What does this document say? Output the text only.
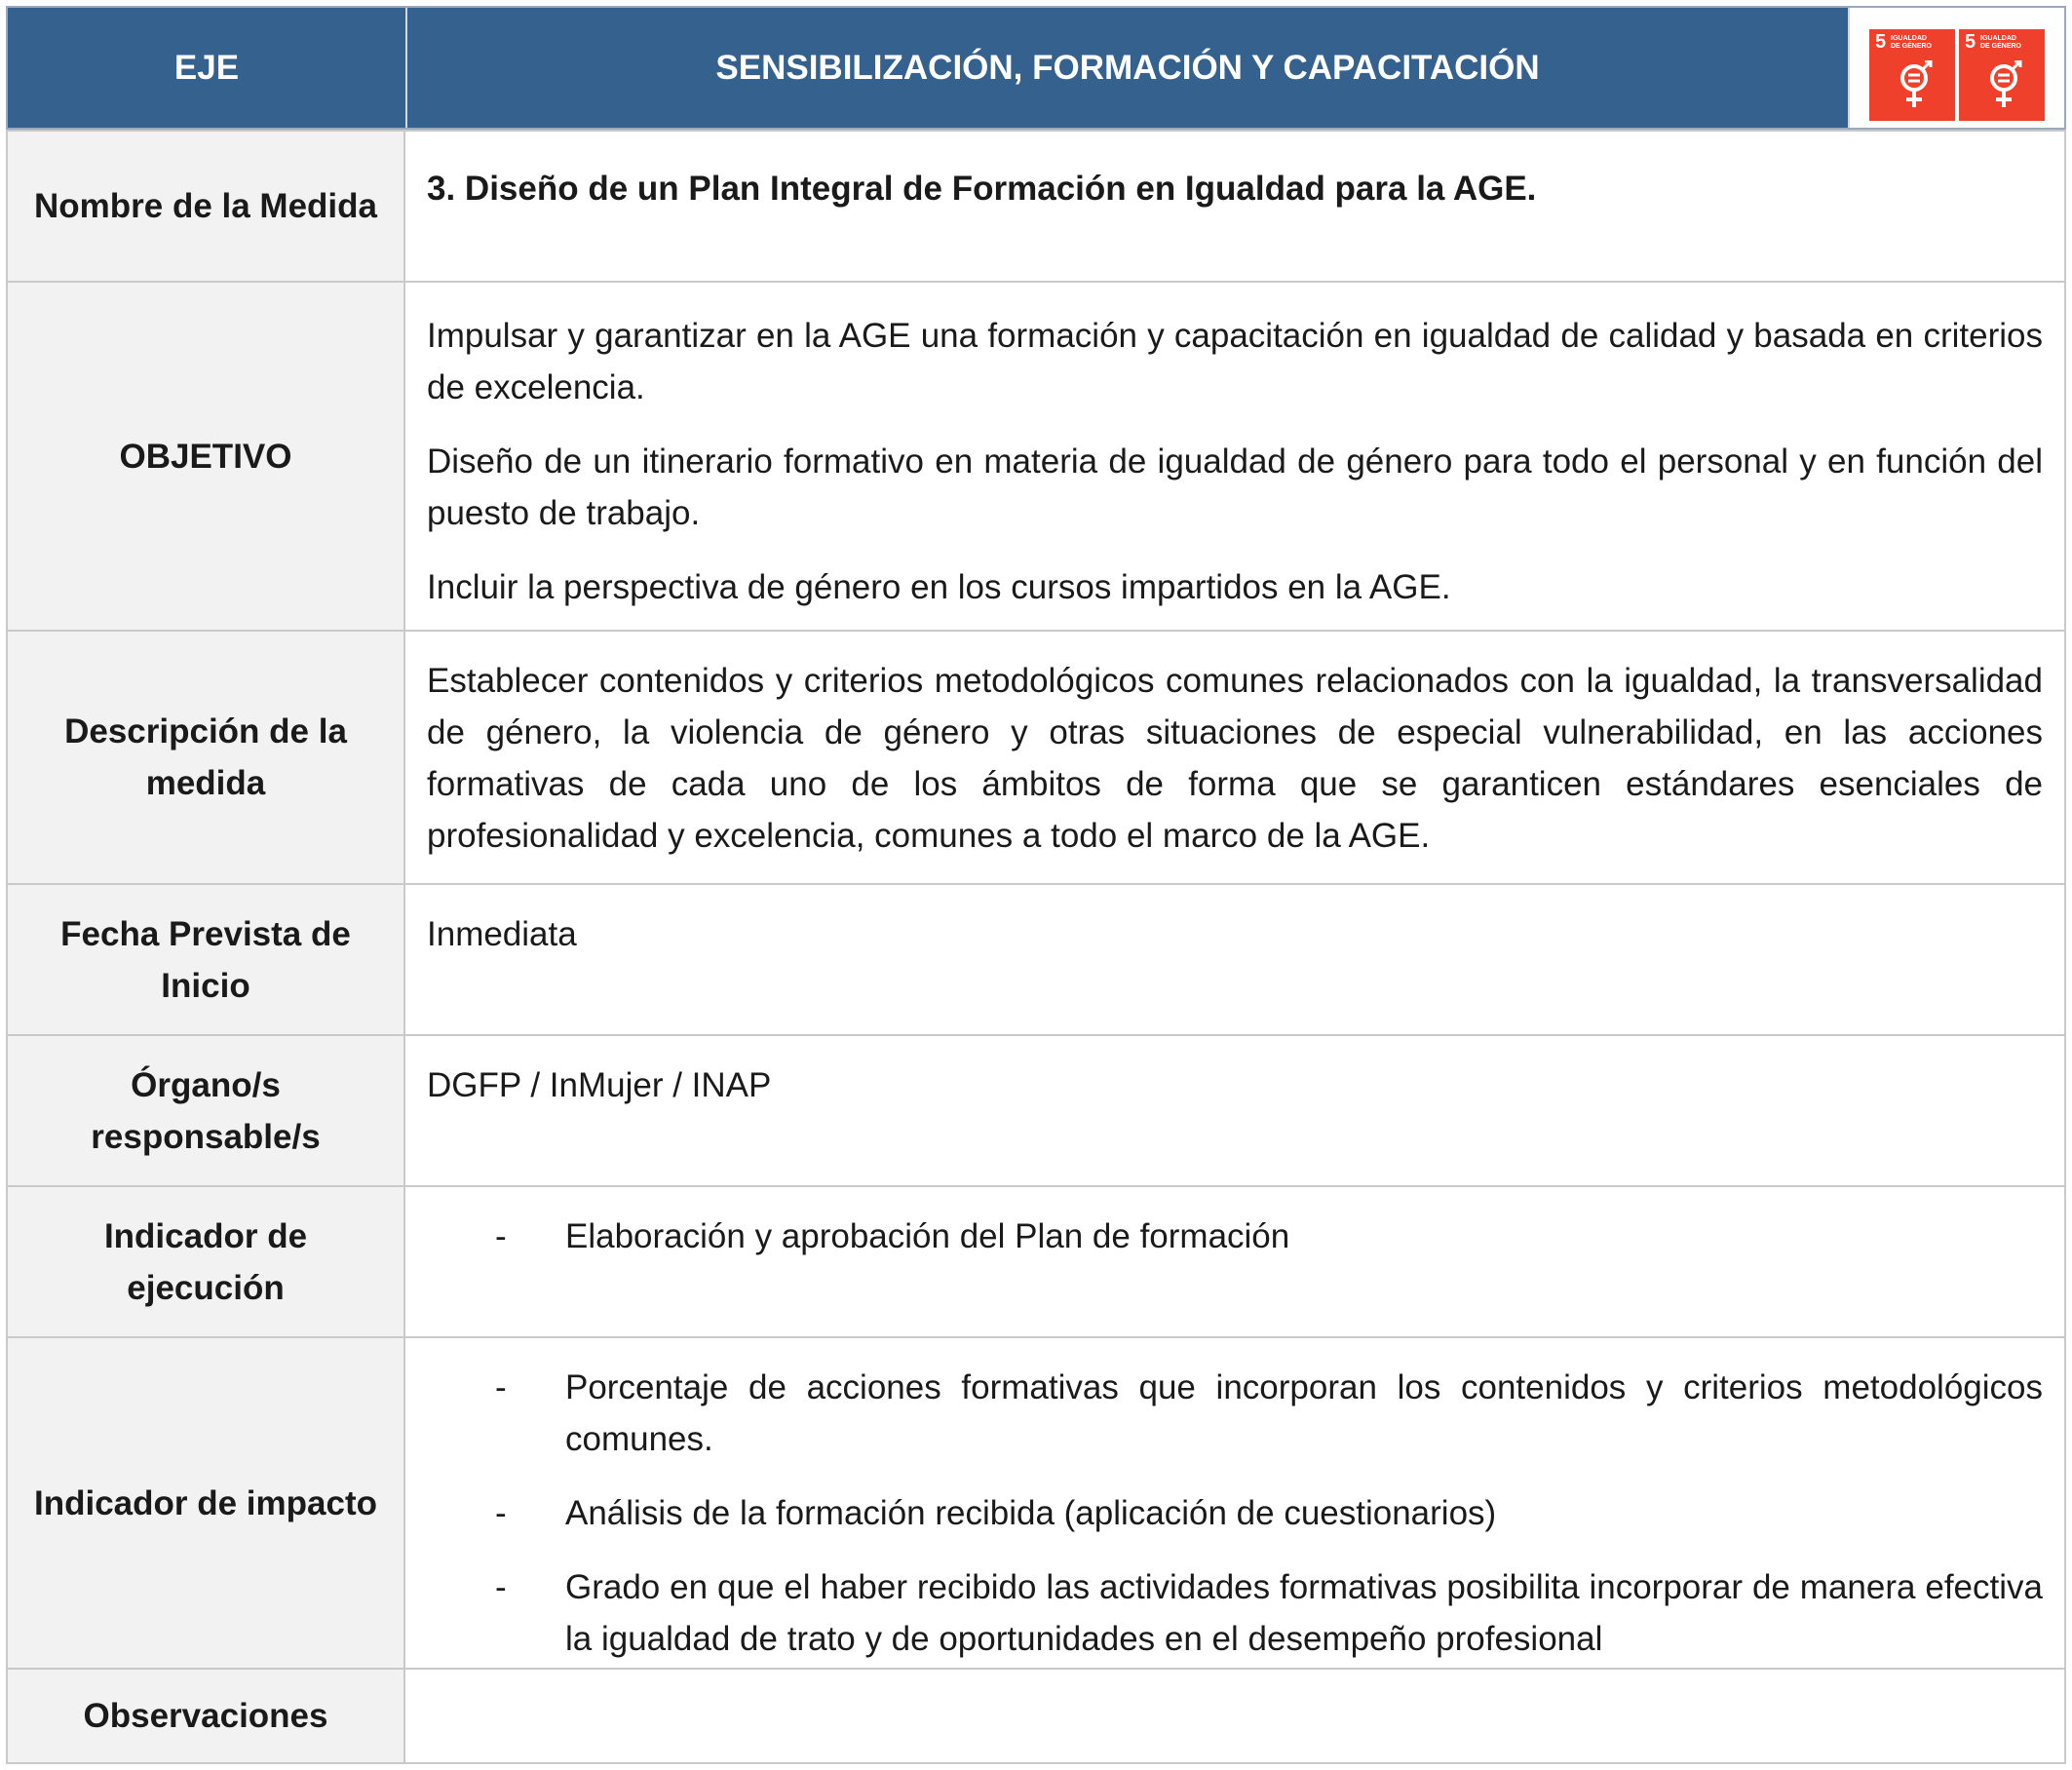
EJE	SENSIBILIZACIÓN, FORMACIÓN Y CAPACITACIÓN
5 IGUALDAD
DE GÉNERO 5 IGUALDAD
DE GÉNERO
Nombre de la Medida	3. Diseño de un Plan Integral de Formación en Igualdad para la AGE.

OBJETIVO

Impulsar y garantizar en la AGE una formación y capacitación en igualdad de calidad y basada en criterios de excelencia.

Diseño de un itinerario formativo en materia de igualdad de género para todo el personal y en función del puesto de trabajo.

Incluir la perspectiva de género en los cursos impartidos en la AGE.

Descripción de la medida

Establecer contenidos y criterios metodológicos comunes relacionados con la igualdad, la transversalidad de género, la violencia de género y otras situaciones de especial vulnerabilidad, en las acciones formativas de cada uno de los ámbitos de forma que se garanticen estándares esenciales de profesionalidad y excelencia, comunes a todo el marco de la AGE.

Fecha Prevista de Inicio

Inmediata

Órgano/s responsable/s

DGFP / InMujer / INAP

Indicador de ejecución
- Elaboración y aprobación del Plan de formación
Indicador de impacto
- Porcentaje de acciones formativas que incorporan los contenidos y criterios metodológicos comunes.
- Análisis de la formación recibida (aplicación de cuestionarios)
- Grado en que el haber recibido las actividades formativas posibilita incorporar de manera efectiva la igualdad de trato y de oportunidades en el desempeño profesional
Observaciones
